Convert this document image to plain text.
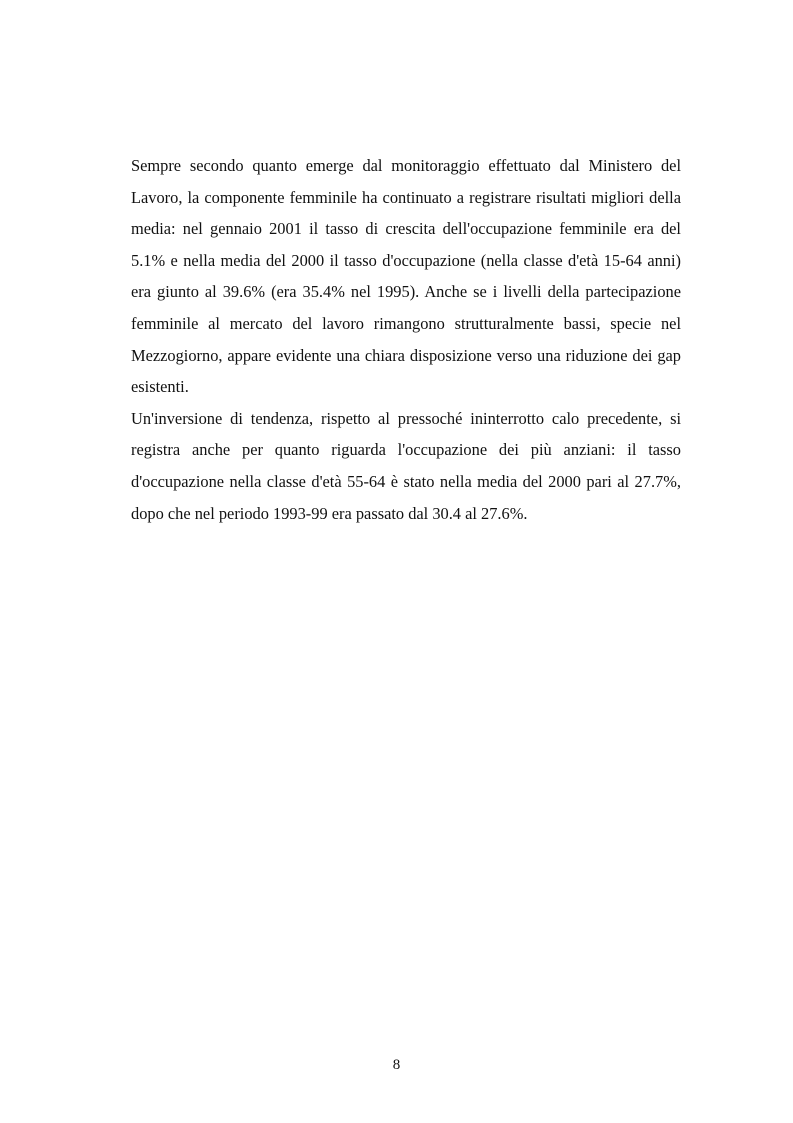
Sempre secondo quanto emerge dal monitoraggio effettuato dal Ministero del Lavoro, la componente femminile ha continuato a registrare risultati migliori della media: nel gennaio 2001 il tasso di crescita dell'occupazione femminile era del 5.1% e nella media del 2000 il tasso d'occupazione (nella classe d'età 15-64 anni) era giunto al 39.6% (era 35.4% nel 1995). Anche se i livelli della partecipazione femminile al mercato del lavoro rimangono strutturalmente bassi, specie nel Mezzogiorno, appare evidente una chiara disposizione verso una riduzione dei gap esistenti.

Un'inversione di tendenza, rispetto al pressoché ininterrotto calo precedente, si registra anche per quanto riguarda l'occupazione dei più anziani: il tasso d'occupazione nella classe d'età 55-64 è stato nella media del 2000 pari al 27.7%, dopo che nel periodo 1993-99 era passato dal 30.4 al 27.6%.

8
